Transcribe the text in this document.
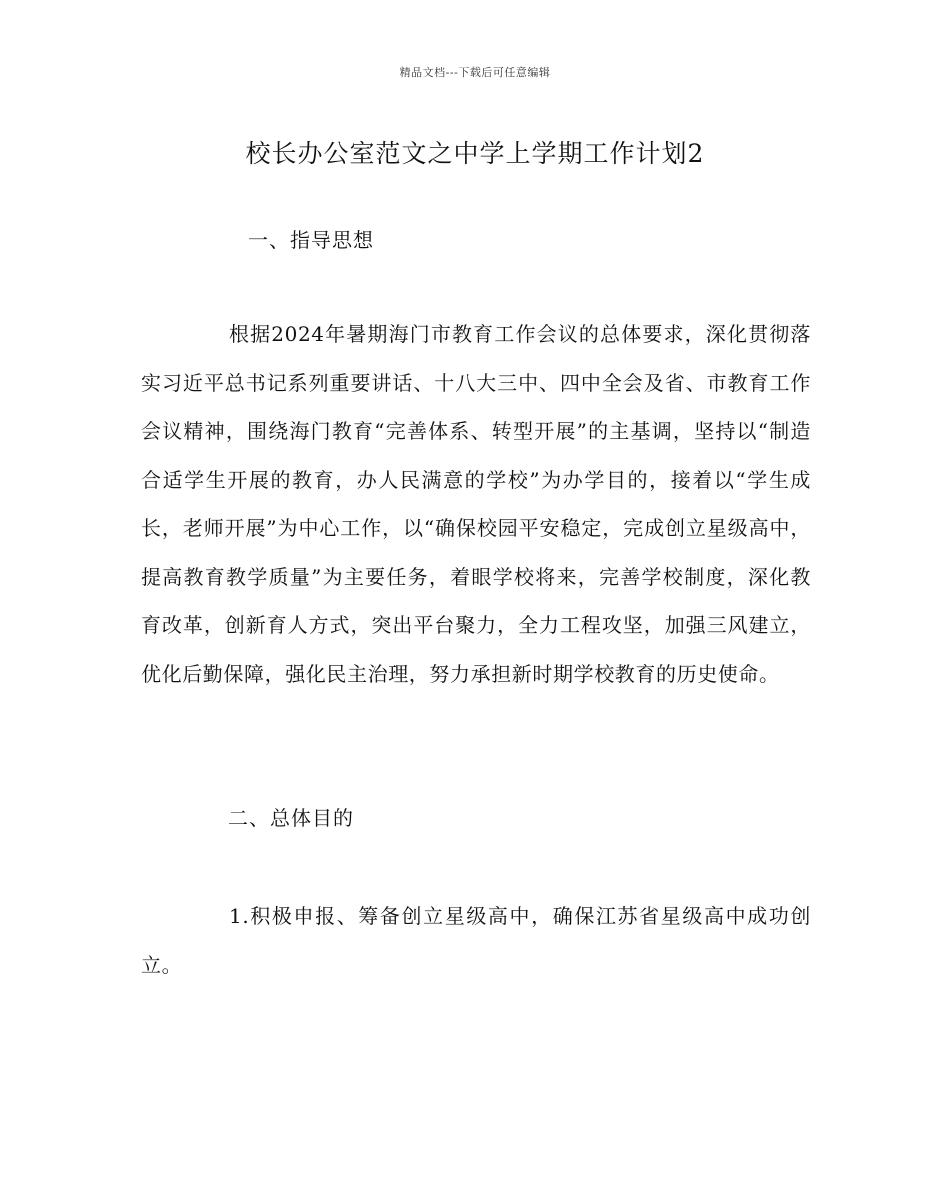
精品文档---下载后可任意编辑
校长办公室范文之中学上学期工作计划2
一、指导思想
根据2024年暑期海门市教育工作会议的总体要求，深化贯彻落实习近平总书记系列重要讲话、十八大三中、四中全会及省、市教育工作会议精神，围绕海门教育“完善体系、转型开展”的主基调，坚持以“制造合适学生开展的教育，办人民满意的学校”为办学目的，接着以“学生成长，老师开展”为中心工作，以“确保校园平安稳定，完成创立星级高中，提高教育教学质量”为主要任务，着眼学校将来，完善学校制度，深化教育改革，创新育人方式，突出平台聚力，全力工程攻坚，加强三风建立，优化后勤保障，强化民主治理，努力承担新时期学校教育的历史使命。
二、总体目的
1.积极申报、筹备创立星级高中，确保江苏省星级高中成功创立。
